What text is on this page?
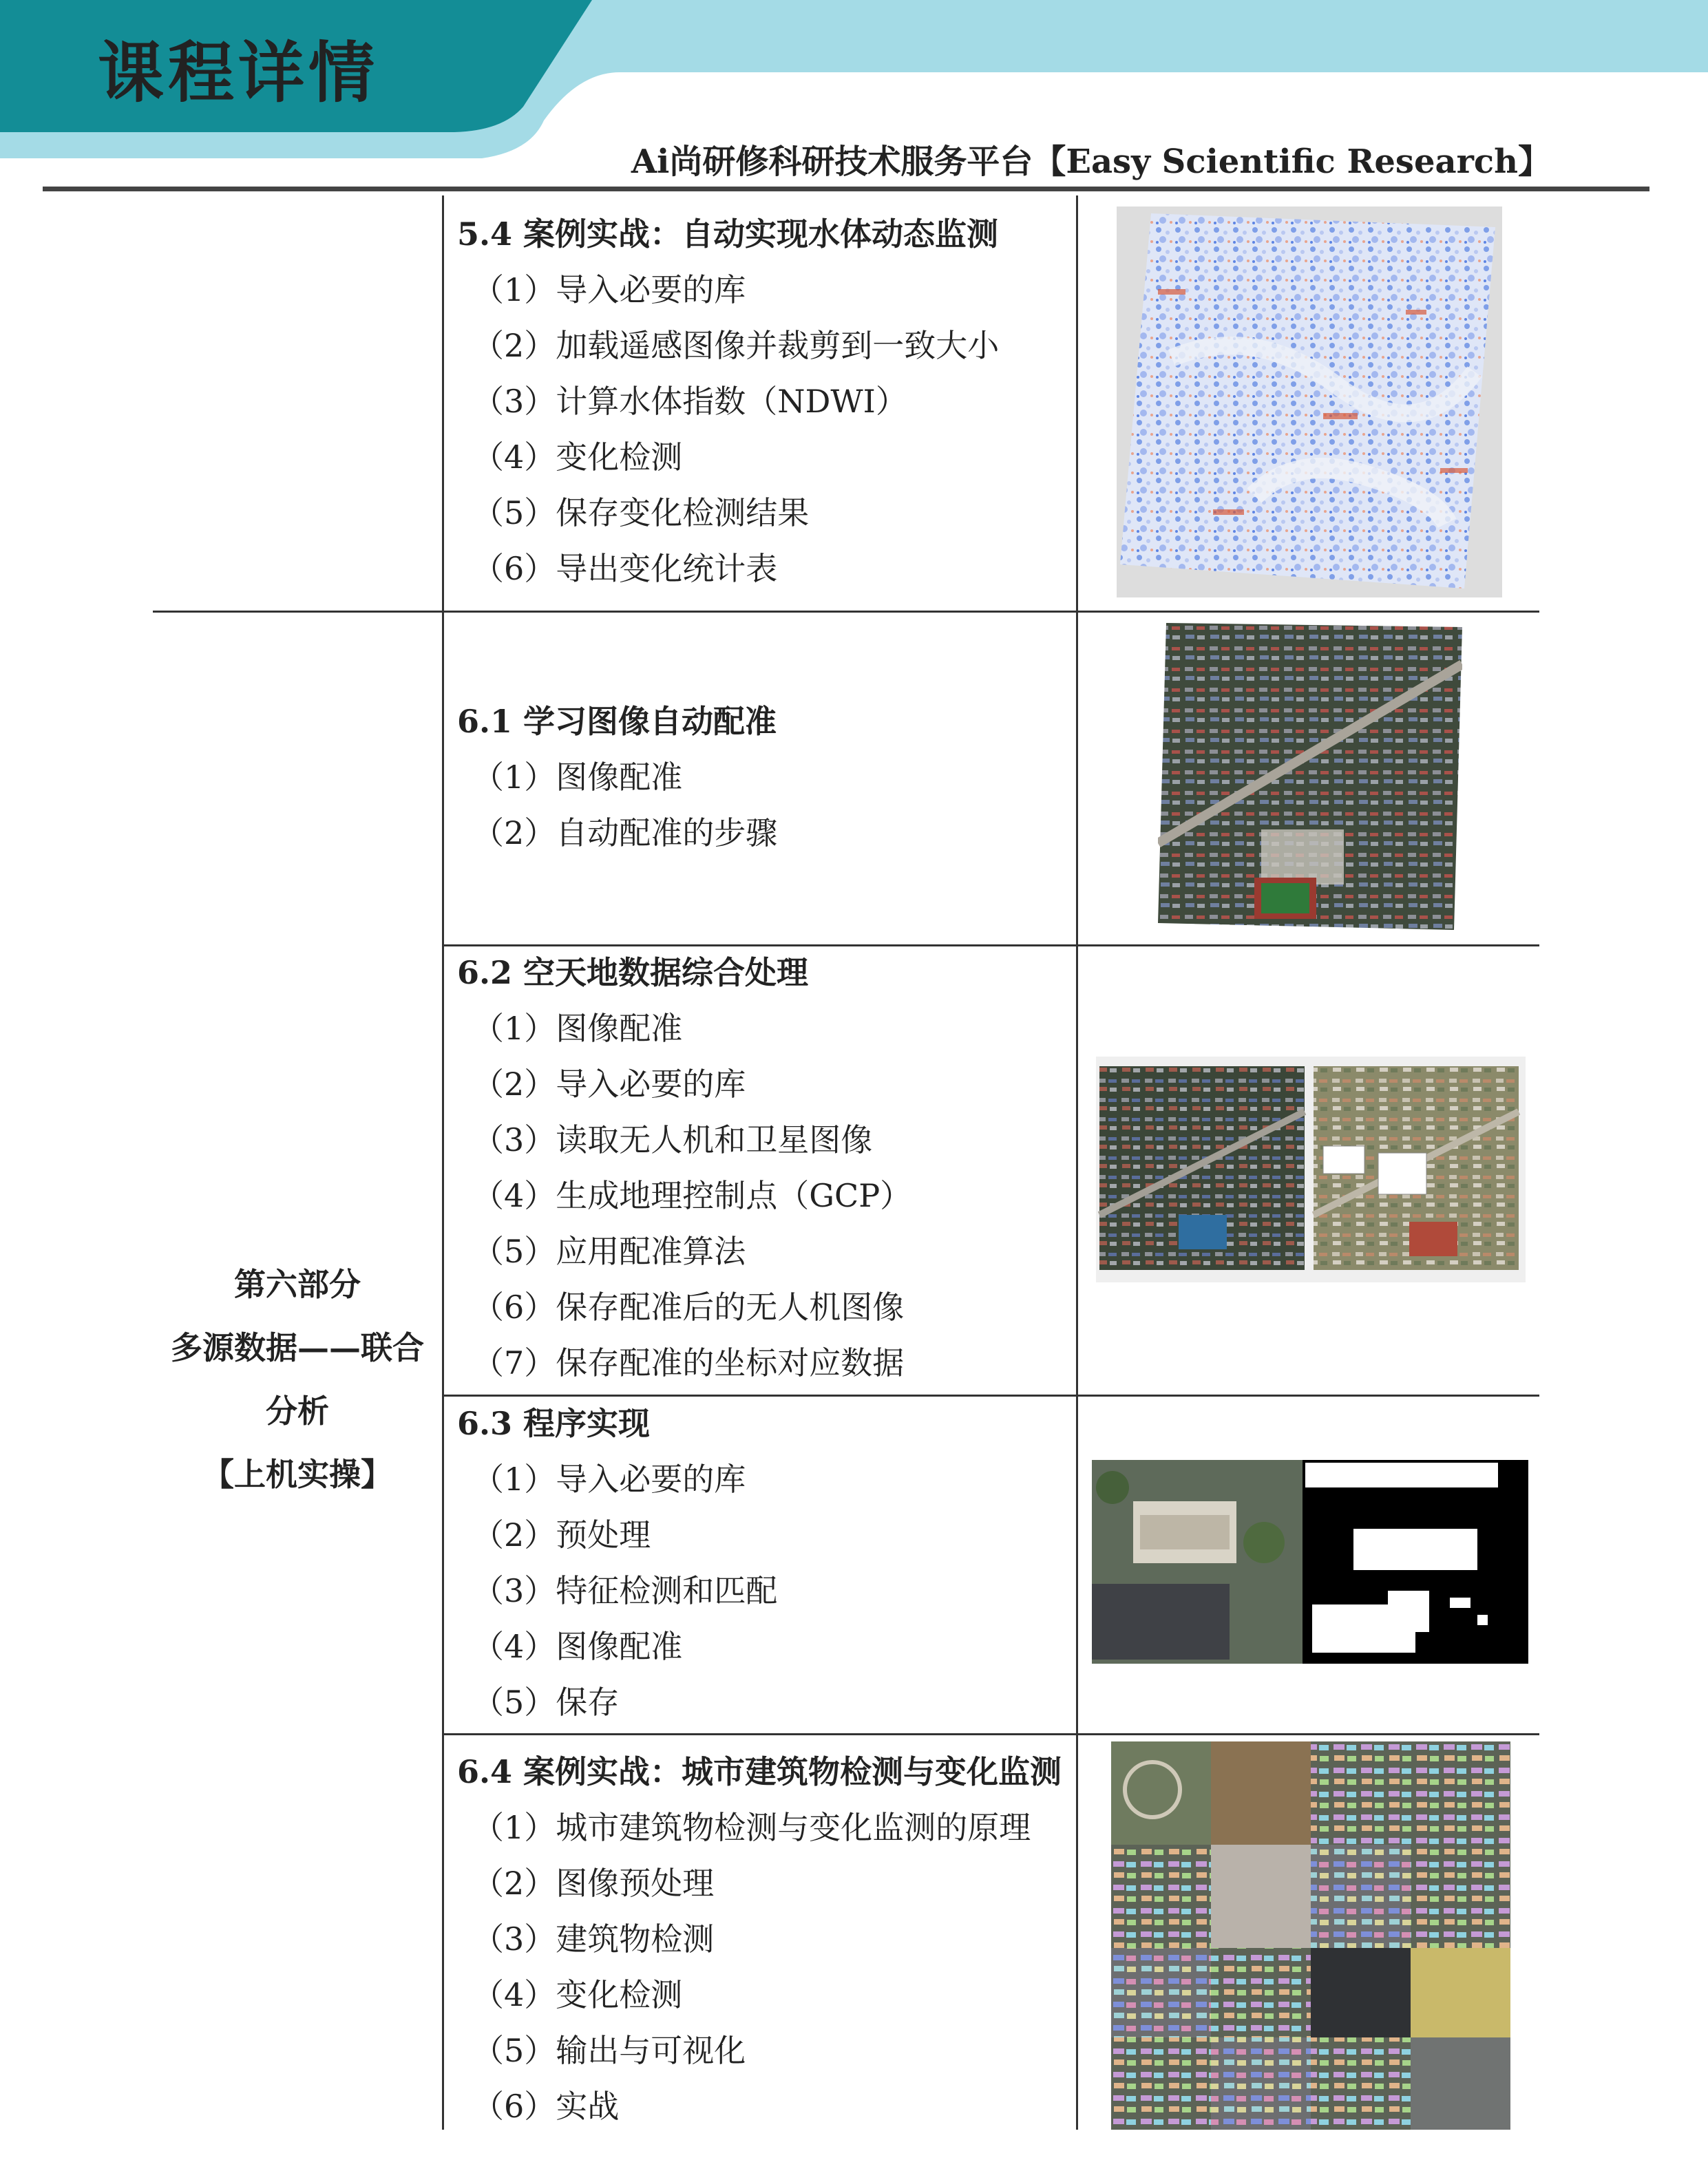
课程详情
Ai尚研修科研技术服务平台【Easy Scientific Research】
第六部分
多源数据——联合
分析
【上机实操】
5.4 案例实战：自动实现水体动态监测
（1）导入必要的库
（2）加载遥感图像并裁剪到一致大小
（3）计算水体指数（NDWI）
（4）变化检测
（5）保存变化检测结果
（6）导出变化统计表
6.1 学习图像自动配准
（1）图像配准
（2）自动配准的步骤
6.2 空天地数据综合处理
（1）图像配准
（2）导入必要的库
（3）读取无人机和卫星图像
（4）生成地理控制点（GCP）
（5）应用配准算法
（6）保存配准后的无人机图像
（7）保存配准的坐标对应数据
6.3 程序实现
（1）导入必要的库
（2）预处理
（3）特征检测和匹配
（4）图像配准
（5）保存
6.4 案例实战：城市建筑物检测与变化监测
（1）城市建筑物检测与变化监测的原理
（2）图像预处理
（3）建筑物检测
（4）变化检测
（5）输出与可视化
（6）实战
